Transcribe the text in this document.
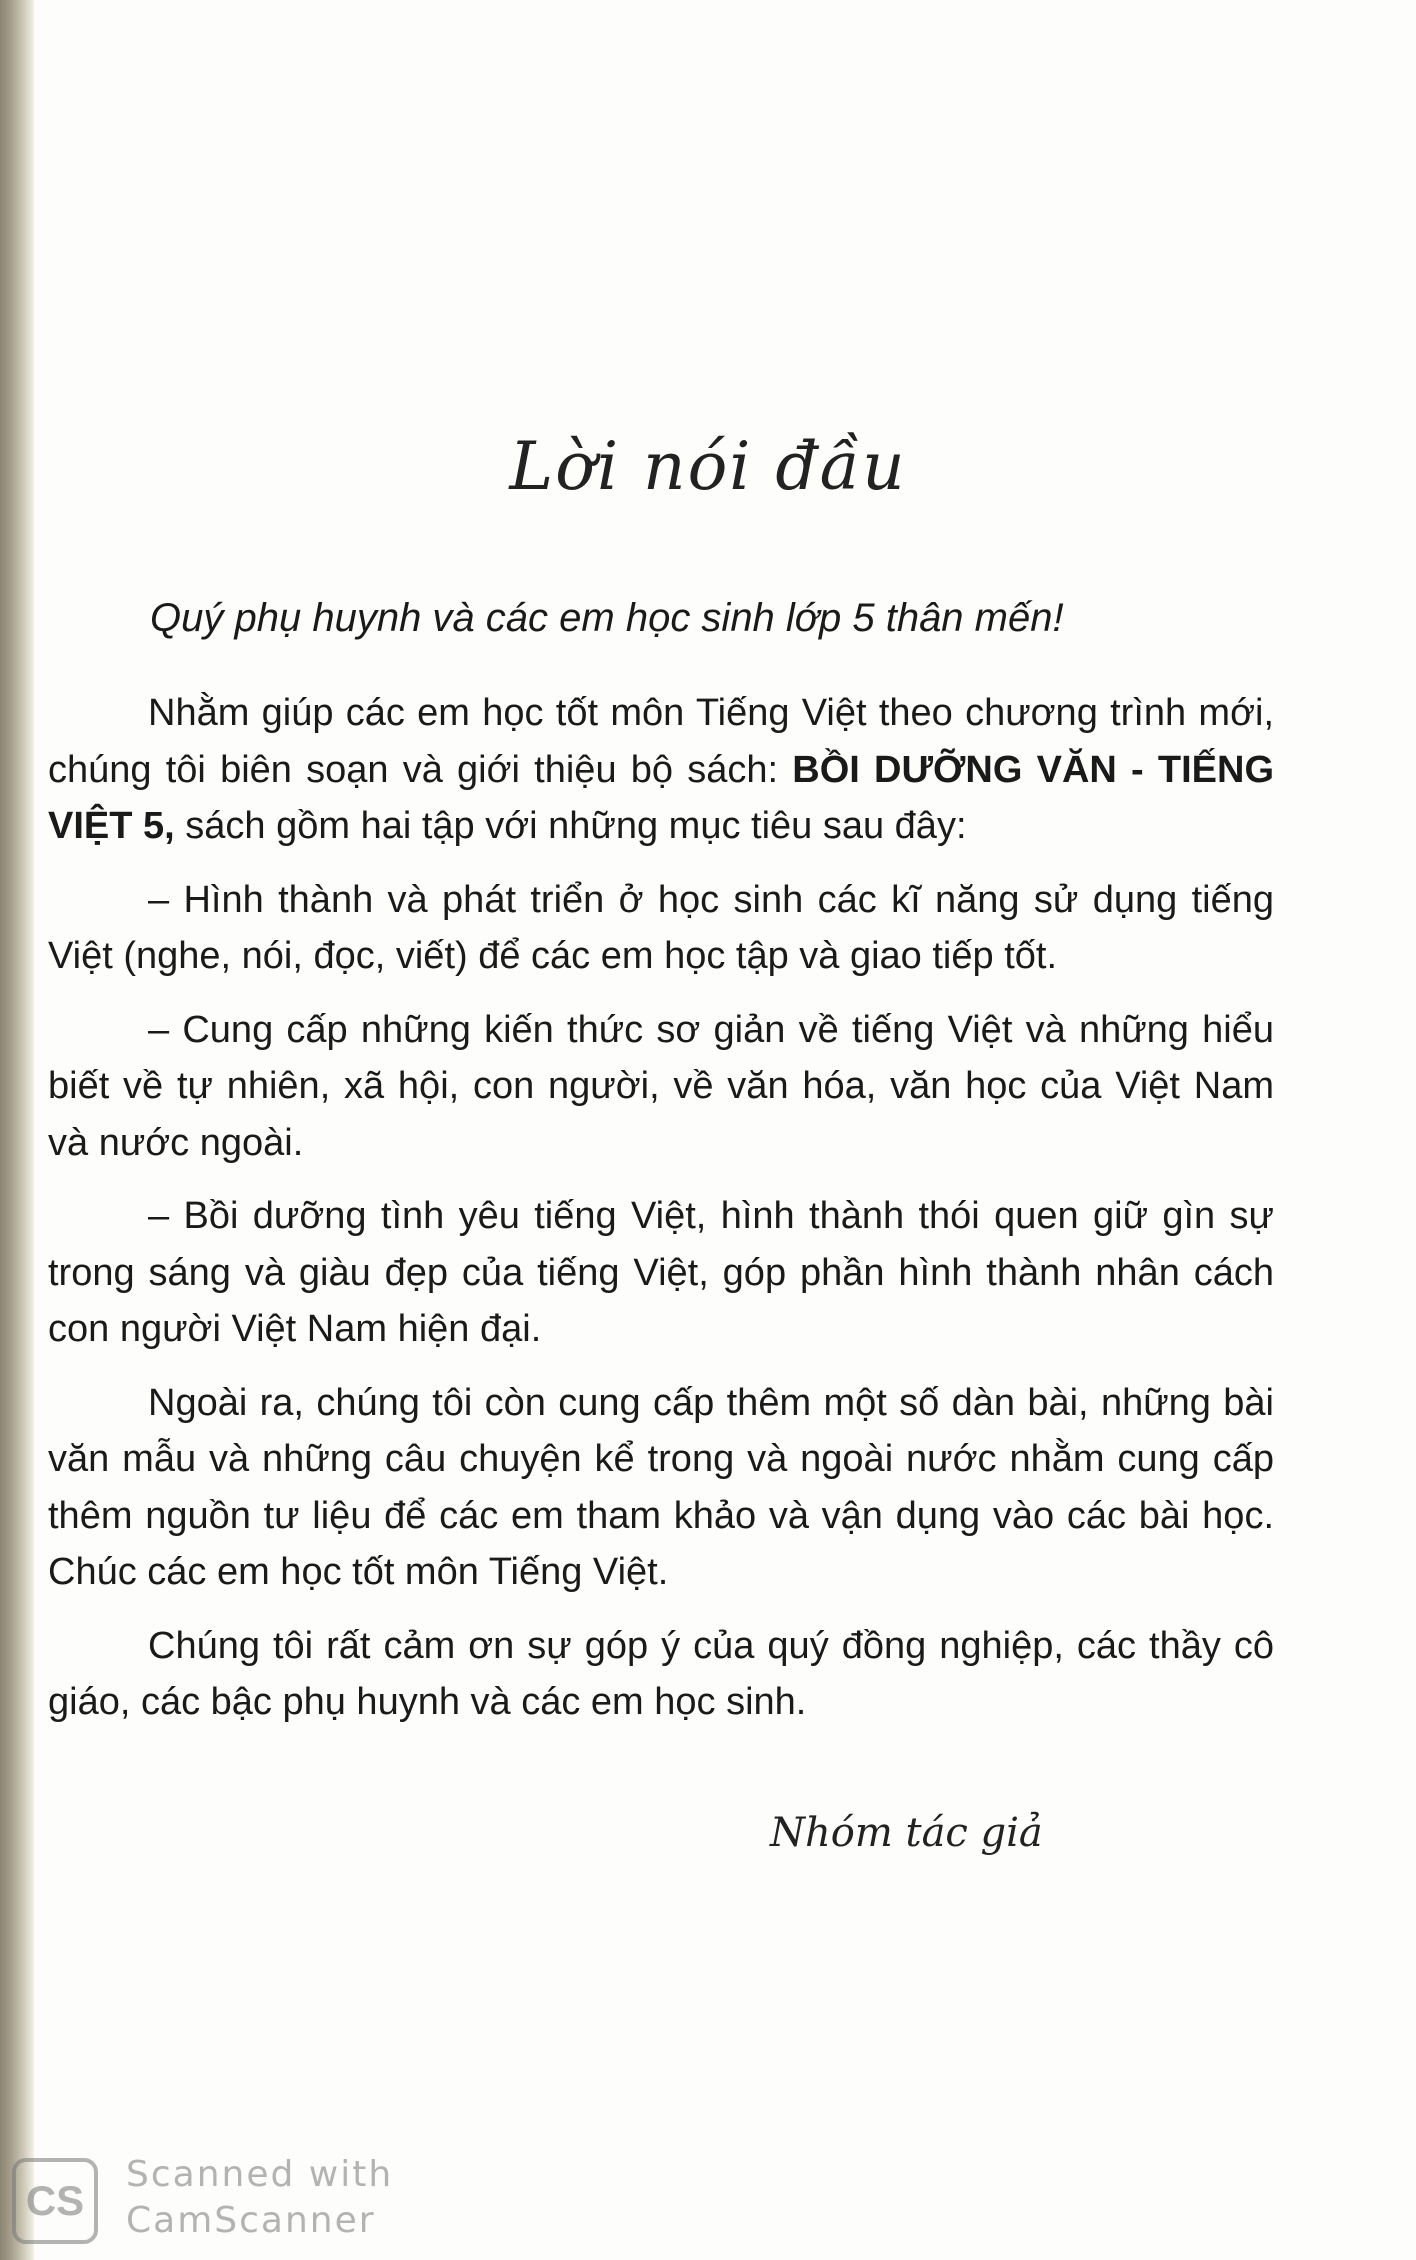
Lời nói đầu
Quý phụ huynh và các em học sinh lớp 5 thân mến!

Nhằm giúp các em học tốt môn Tiếng Việt theo chương trình mới, chúng tôi biên soạn và giới thiệu bộ sách: BỒI DƯỠNG VĂN - TIẾNG VIỆT 5, sách gồm hai tập với những mục tiêu sau đây:

– Hình thành và phát triển ở học sinh các kĩ năng sử dụng tiếng Việt (nghe, nói, đọc, viết) để các em học tập và giao tiếp tốt.

– Cung cấp những kiến thức sơ giản về tiếng Việt và những hiểu biết về tự nhiên, xã hội, con người, về văn hóa, văn học của Việt Nam và nước ngoài.

– Bồi dưỡng tình yêu tiếng Việt, hình thành thói quen giữ gìn sự trong sáng và giàu đẹp của tiếng Việt, góp phần hình thành nhân cách con người Việt Nam hiện đại.

Ngoài ra, chúng tôi còn cung cấp thêm một số dàn bài, những bài văn mẫu và những câu chuyện kể trong và ngoài nước nhằm cung cấp thêm nguồn tư liệu để các em tham khảo và vận dụng vào các bài học. Chúc các em học tốt môn Tiếng Việt.

Chúng tôi rất cảm ơn sự góp ý của quý đồng nghiệp, các thầy cô giáo, các bậc phụ huynh và các em học sinh.

Nhóm tác giả
CS
Scanned with
CamScanner
